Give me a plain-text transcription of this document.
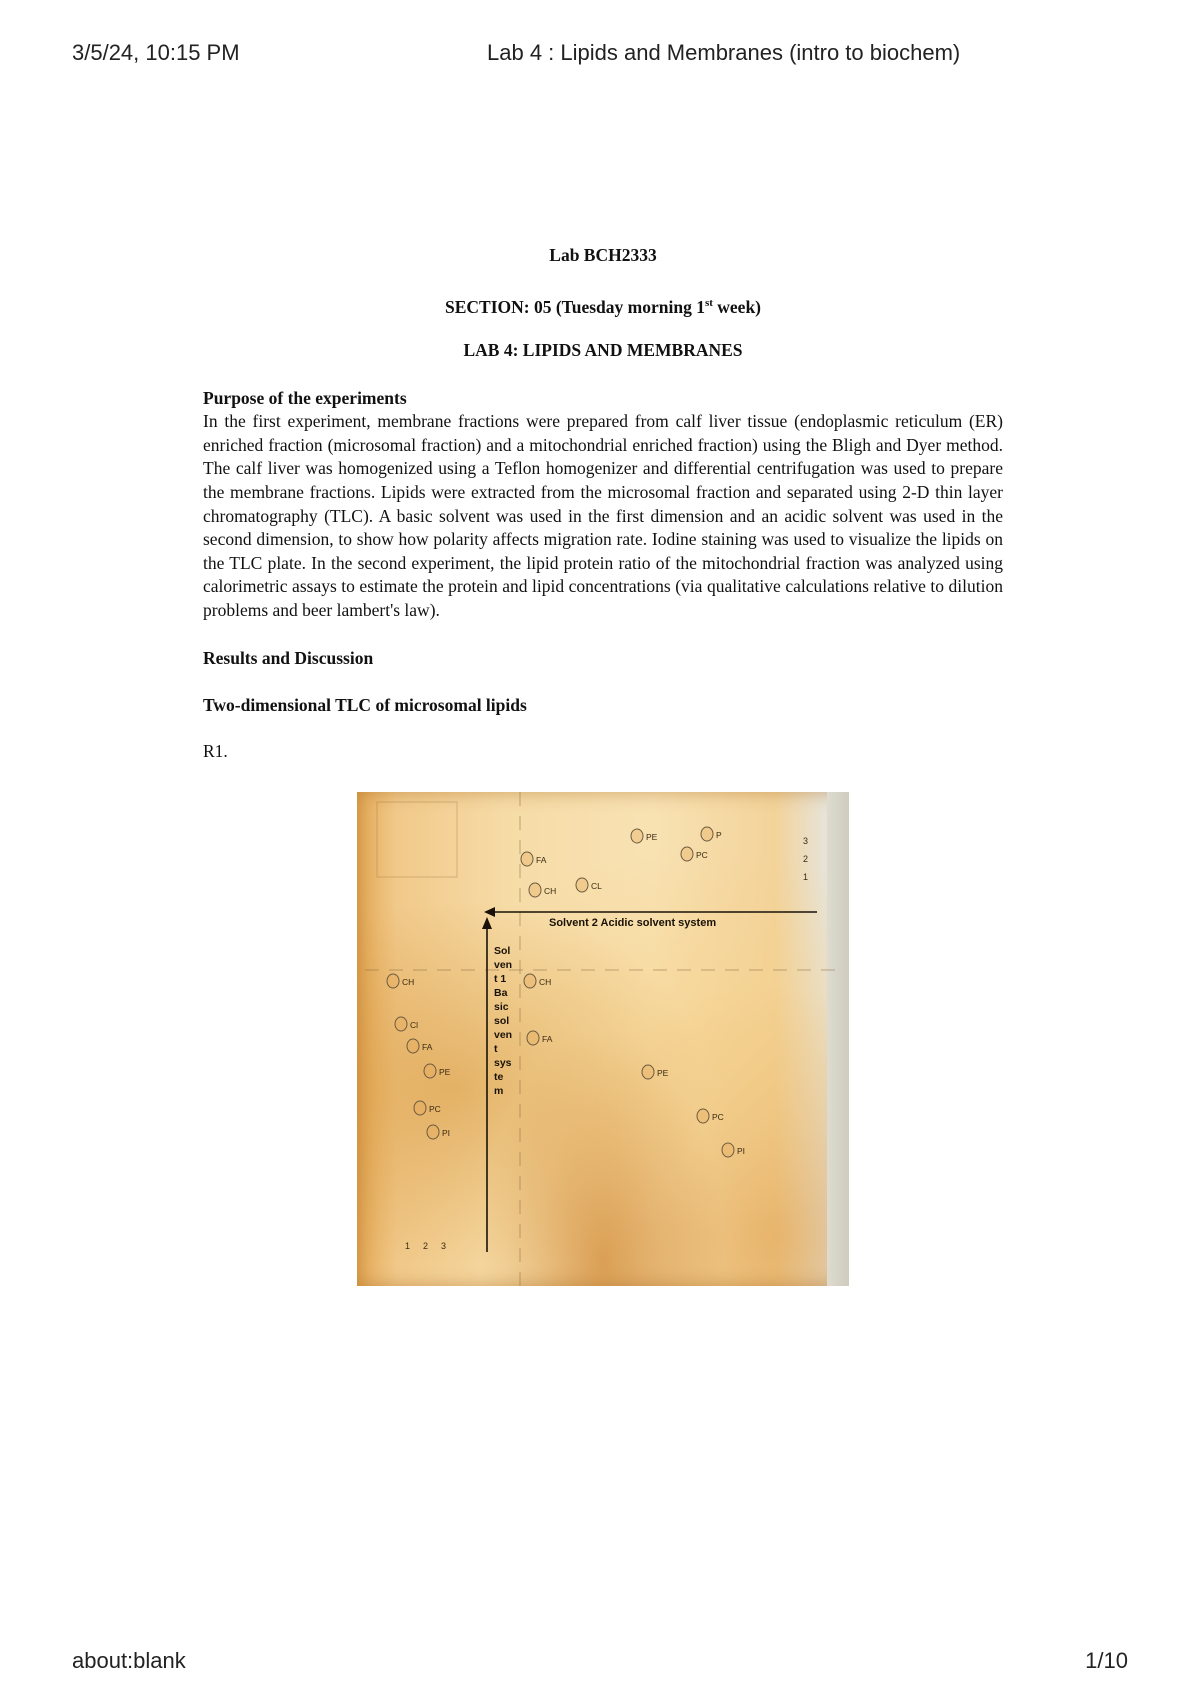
3/5/24, 10:15 PM	Lab 4 : Lipids and Membranes (intro to biochem)

Lab BCH2333

SECTION: 05 (Tuesday morning 1st week)

LAB 4: LIPIDS AND MEMBRANES

Purpose of the experiments

In the first experiment, membrane fractions were prepared from calf liver tissue (endoplasmic reticulum (ER) enriched fraction (microsomal fraction) and a mitochondrial enriched fraction) using the Bligh and Dyer method. The calf liver was homogenized using a Teflon homogenizer and differential centrifugation was used to prepare the membrane fractions. Lipids were extracted from the microsomal fraction and separated using 2-D thin layer chromatography (TLC). A basic solvent was used in the first dimension and an acidic solvent was used in the second dimension, to show how polarity affects migration rate. Iodine staining was used to visualize the lipids on the TLC plate. In the second experiment, the lipid protein ratio of the mitochondrial fraction was analyzed using calorimetric assays to estimate the protein and lipid concentrations (via qualitative calculations relative to dilution problems and beer lambert's law).

Results and Discussion

Two-dimensional TLC of microsomal lipids

R1.

Solvent 2 Acidic solvent system
Sol
ven
t 1
Ba
sic
sol
ven
t
sys
te
m
3
2
1
1 2 3
PE	P
PC
FA
CH	CL
CH
Cl
FA
PE
PC
PI
CH
FA
PE
PC
PI
about:blank	1/10
